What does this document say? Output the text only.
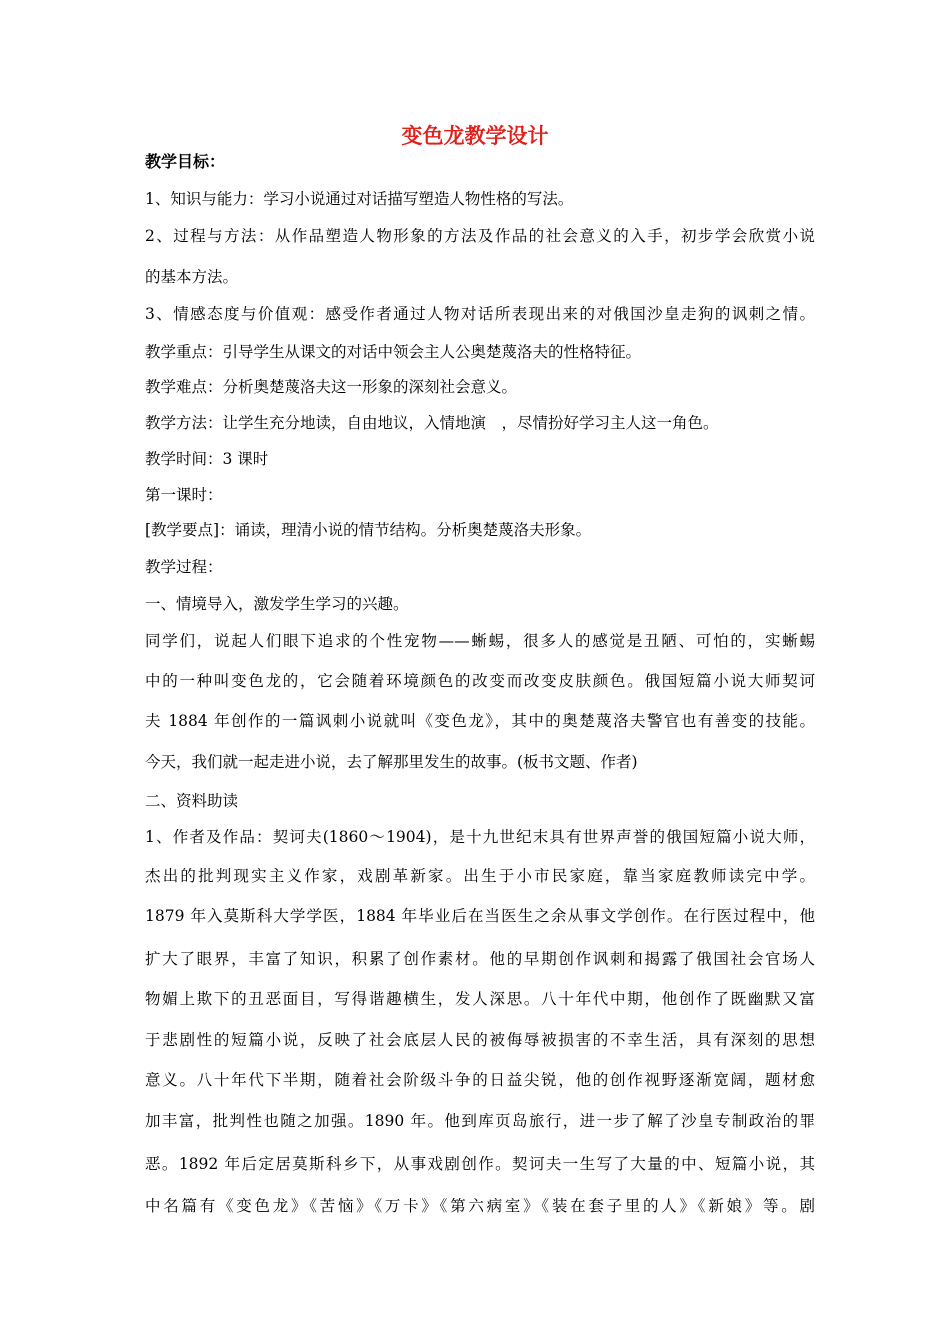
变色龙教学设计

教学目标：

1、知识与能力：学习小说通过对话描写塑造人物性格的写法。

2、过程与方法：从作品塑造人物形象的方法及作品的社会意义的入手，初步学会欣赏小说

的基本方法。

3、情感态度与价值观：感受作者通过人物对话所表现出来的对俄国沙皇走狗的讽刺之情。

教学重点：引导学生从课文的对话中领会主人公奥楚蔑洛夫的性格特征。

教学难点：分析奥楚蔑洛夫这一形象的深刻社会意义。

教学方法：让学生充分地读，自由地议，入情地演　，尽情扮好学习主人这一角色。

教学时间：3 课时

第一课时：

[教学要点]：诵读，理清小说的情节结构。分析奥楚蔑洛夫形象。

教学过程：

一、情境导入，激发学生学习的兴趣。

同学们，说起人们眼下追求的个性宠物——蜥蜴，很多人的感觉是丑陋、可怕的，实蜥蜴

中的一种叫变色龙的，它会随着环境颜色的改变而改变皮肤颜色。俄国短篇小说大师契诃

夫 1884 年创作的一篇讽刺小说就叫《变色龙》，其中的奥楚蔑洛夫警官也有善变的技能。

今天，我们就一起走进小说，去了解那里发生的故事。(板书文题、作者)

二、资料助读

1、作者及作品：契诃夫(1860～1904)，是十九世纪末具有世界声誉的俄国短篇小说大师，

杰出的批判现实主义作家，戏剧革新家。出生于小市民家庭，靠当家庭教师读完中学。

1879 年入莫斯科大学学医，1884 年毕业后在当医生之余从事文学创作。在行医过程中，他

扩大了眼界，丰富了知识，积累了创作素材。他的早期创作讽刺和揭露了俄国社会官场人

物媚上欺下的丑恶面目，写得谐趣横生，发人深思。八十年代中期，他创作了既幽默又富

于悲剧性的短篇小说，反映了社会底层人民的被侮辱被损害的不幸生活，具有深刻的思想

意义。八十年代下半期，随着社会阶级斗争的日益尖锐，他的创作视野逐渐宽阔，题材愈

加丰富，批判性也随之加强。1890 年。他到库页岛旅行，进一步了解了沙皇专制政治的罪

恶。1892 年后定居莫斯科乡下，从事戏剧创作。契诃夫一生写了大量的中、短篇小说，其

中名篇有《变色龙》《苦恼》《万卡》《第六病室》《装在套子里的人》《新娘》等。剧
